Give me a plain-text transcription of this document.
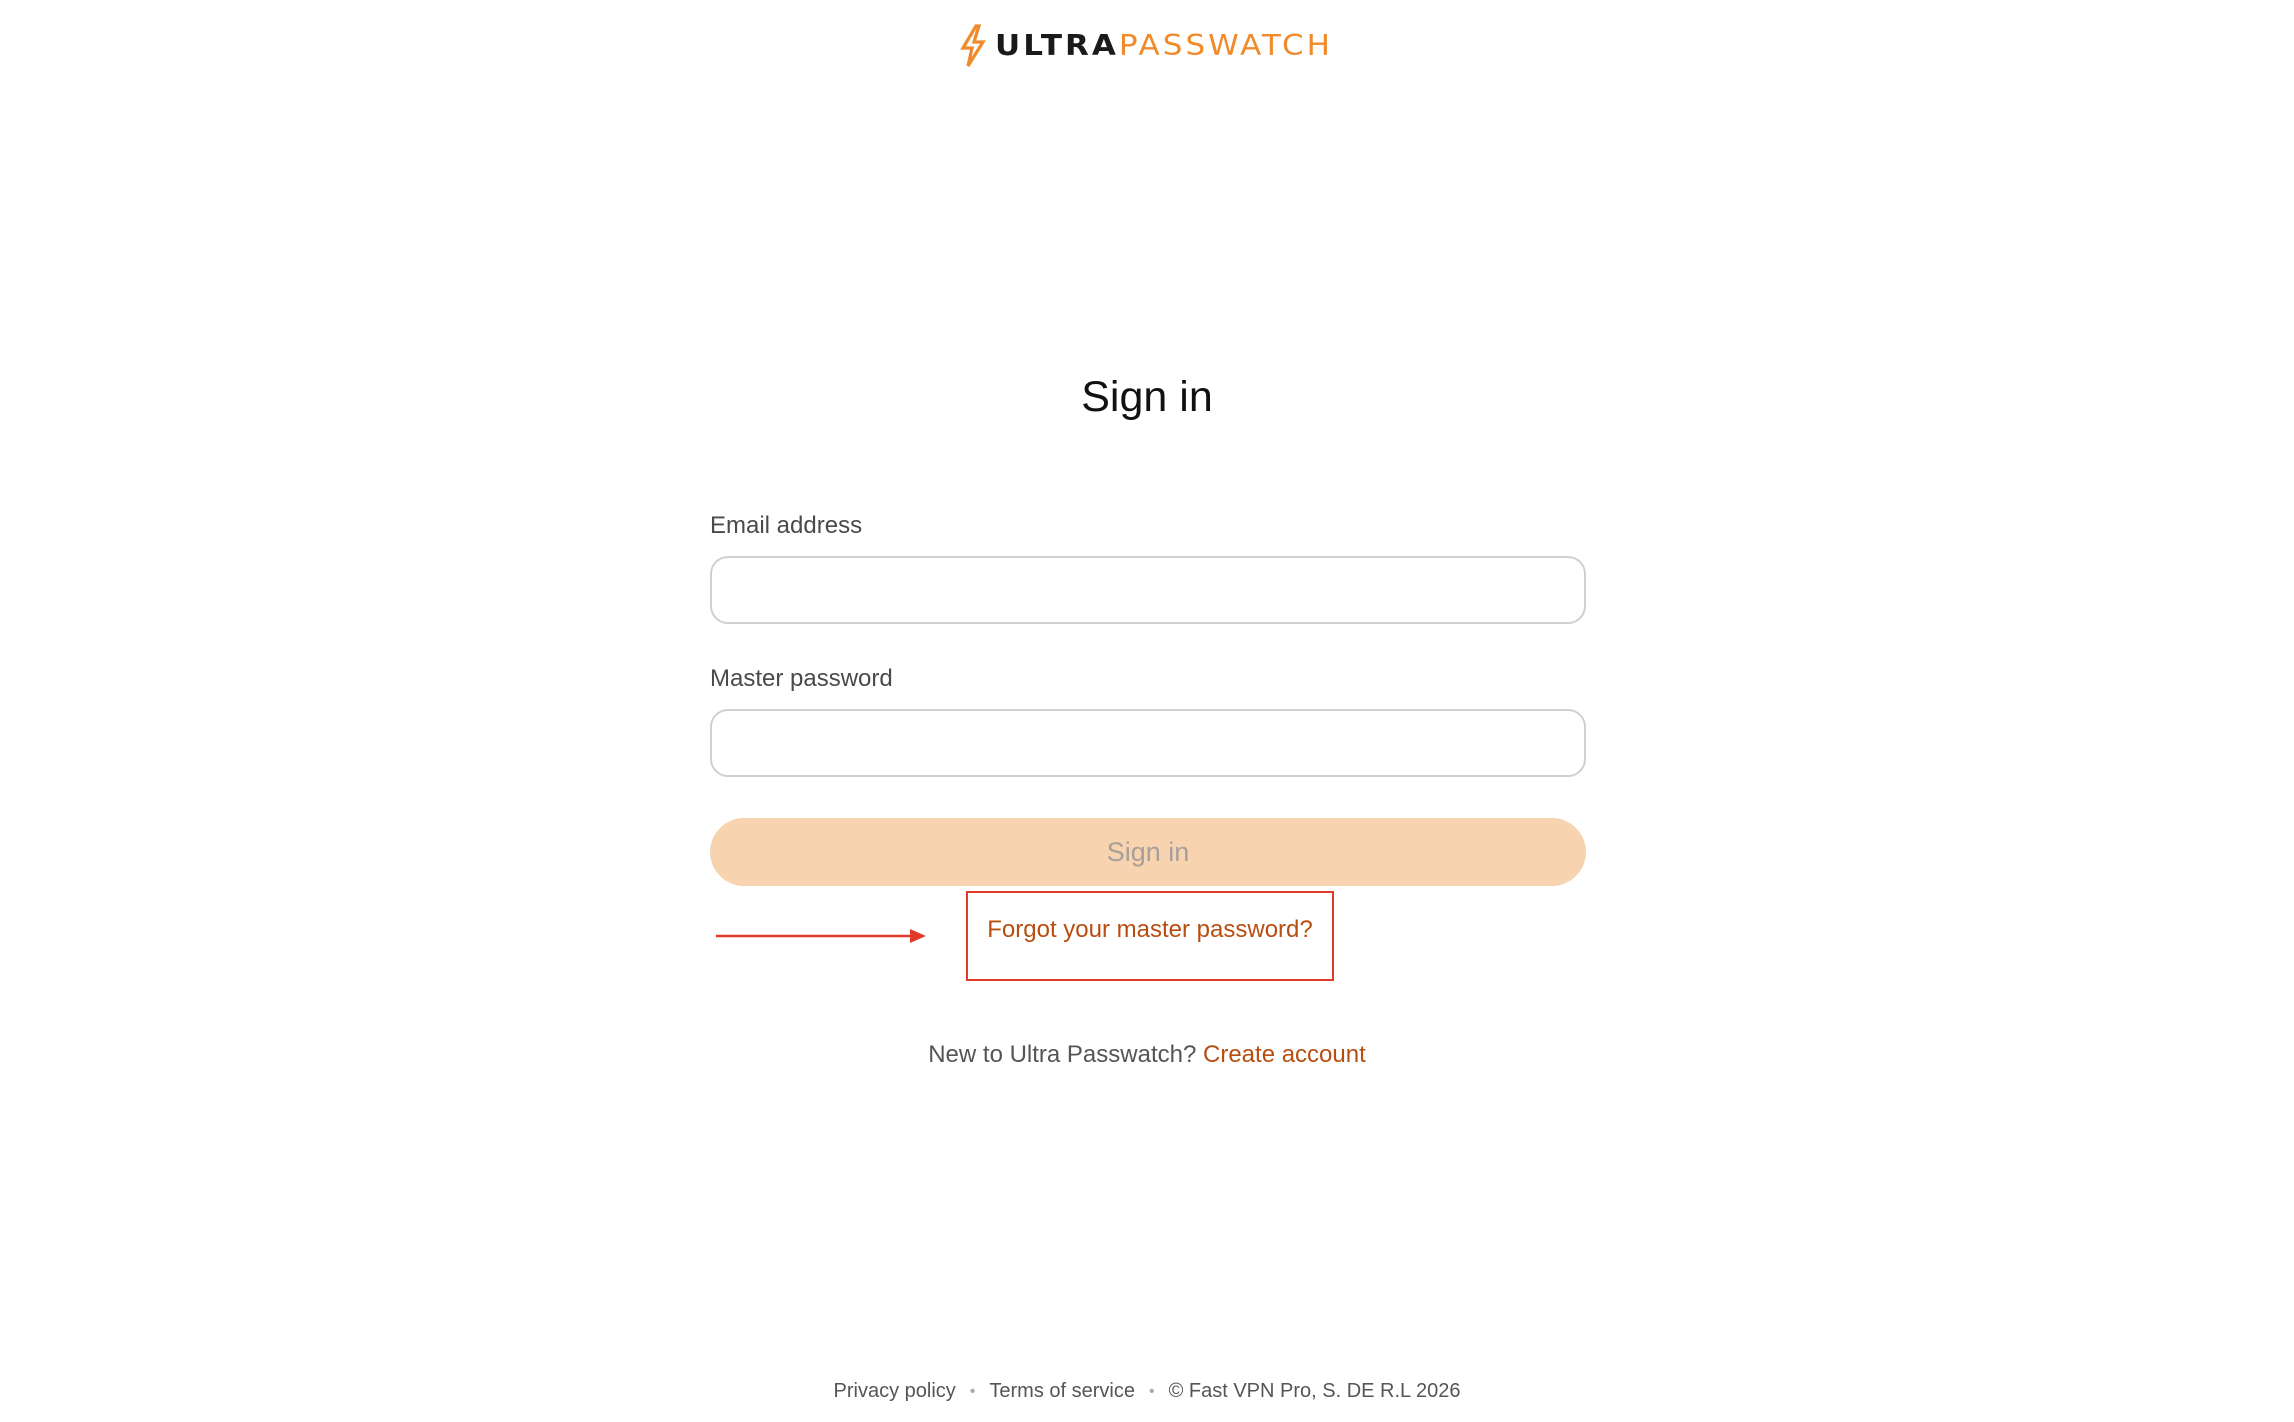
ULTRAPASSWATCH
Sign in
Email address
Master password
Sign in
Forgot your master password?
New to Ultra Passwatch? Create account
Privacy policy • Terms of service • © Fast VPN Pro, S. DE R.L 2026
